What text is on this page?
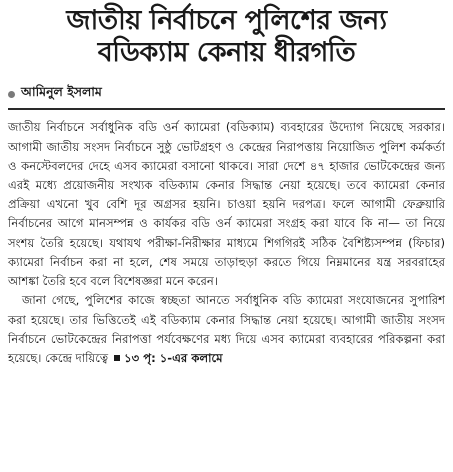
জাতীয় নির্বাচনে পুলিশের জন্য
বডিক্যাম কেনায় ধীরগতি
আমিনুল ইসলাম

জাতীয় নির্বাচনে সর্বাধুনিক বডি ওর্ন ক্যামেরা (বডিক্যাম) ব্যবহারের উদ্যোগ নিয়েছে সরকার। আগামী জাতীয় সংসদ নির্বাচনে সুষ্ঠু ভোটগ্রহণ ও কেন্দ্রের নিরাপত্তায় নিয়োজিত পুলিশ কর্মকর্তা ও কনস্টেবলদের দেহে এসব ক্যামেরা বসানো থাকবে। সারা দেশে ৪৭ হাজার ভোটকেন্দ্রের জন্য এরই মধ্যে প্রয়োজনীয় সংখ্যক বডিক্যাম কেনার সিদ্ধান্ত নেয়া হয়েছে। তবে ক্যামেরা কেনার প্রক্রিয়া এখনো খুব বেশি দূর অগ্রসর হয়নি। চাওয়া হয়নি দরপত্র। ফলে আগামী ফেব্রুয়ারি নির্বাচনের আগে মানসম্পন্ন ও কার্যকর বডি ওর্ন ক্যামেরা সংগ্রহ করা যাবে কি না— তা নিয়ে সংশয় তৈরি হয়েছে। যথাযথ পরীক্ষা-নিরীক্ষার মাধ্যমে শিগগিরই সঠিক বৈশিষ্ট্যসম্পন্ন (ফিচার) ক্যামেরা নির্বাচন করা না হলে, শেষ সময়ে তাড়াহুড়া করতে গিয়ে নিম্নমানের যন্ত্র সরবরাহের আশঙ্কা তৈরি হবে বলে বিশেষজ্ঞরা মনে করেন।

জানা গেছে, পুলিশের কাজে স্বচ্ছতা আনতে সর্বাধুনিক বডি ক্যামেরা সংযোজনের সুপারিশ করা হয়েছে। তার ভিত্তিতেই এই বডিক্যাম কেনার সিদ্ধান্ত নেয়া হয়েছে। আগামী জাতীয় সংসদ নির্বাচনে ভোটকেন্দ্রের নিরাপত্তা পর্যবেক্ষণের মধ্য দিয়ে এসব ক্যামেরা ব্যবহারের পরিকল্পনা করা হয়েছে। কেন্দ্রে দায়িত্বে ১৩ পৃ: ১-এর কলামে
